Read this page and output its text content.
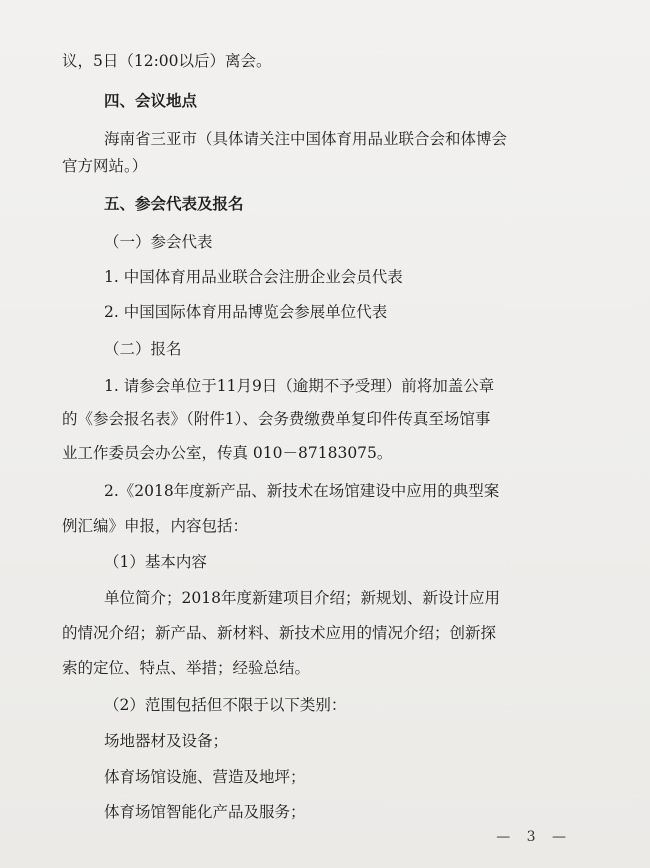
议，5日（12:00以后）离会。
四、会议地点
海南省三亚市（具体请关注中国体育用品业联合会和体博会
官方网站。）
五、参会代表及报名
（一）参会代表
1. 中国体育用品业联合会注册企业会员代表
2. 中国国际体育用品博览会参展单位代表
（二）报名
1. 请参会单位于11月9日（逾期不予受理）前将加盖公章
的《参会报名表》（附件1）、会务费缴费单复印件传真至场馆事
业工作委员会办公室，传真 010－87183075。
2.《2018年度新产品、新技术在场馆建设中应用的典型案
例汇编》申报，内容包括：
（1）基本内容
单位简介；2018年度新建项目介绍；新规划、新设计应用
的情况介绍；新产品、新材料、新技术应用的情况介绍；创新探
索的定位、特点、举措；经验总结。
（2）范围包括但不限于以下类别：
场地器材及设备；
体育场馆设施、营造及地坪；
体育场馆智能化产品及服务；
— 3 —
